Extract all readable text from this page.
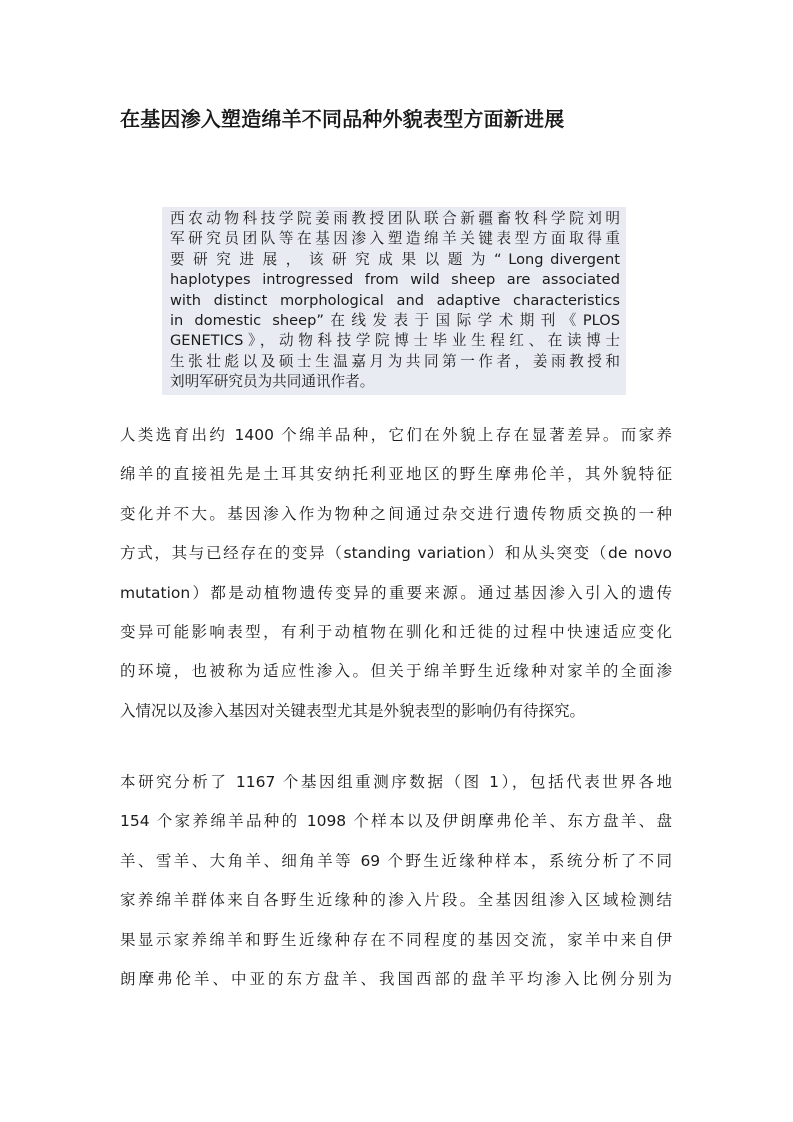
在基因渗入塑造绵羊不同品种外貌表型方面新进展
西农动物科技学院姜雨教授团队联合新疆畜牧科学院刘明
军研究员团队等在基因渗入塑造绵羊关键表型方面取得重
要 研 究 进 展 ， 该 研 究 成 果 以 题 为 “ Long divergent
haplotypes introgressed from wild sheep are associated
with distinct morphological and adaptive characteristics
in domestic sheep”在线发表于国际学术期刊《PLOS
GENETICS》，动物科技学院博士毕业生程红、在读博士
生张壮彪以及硕士生温嘉月为共同第一作者，姜雨教授和
刘明军研究员为共同通讯作者。
人类选育出约 1400 个绵羊品种，它们在外貌上存在显著差异。而家养
绵羊的直接祖先是土耳其安纳托利亚地区的野生摩弗伦羊，其外貌特征
变化并不大。基因渗入作为物种之间通过杂交进行遗传物质交换的一种
方式，其与已经存在的变异（standing variation）和从头突变（de novo
mutation）都是动植物遗传变异的重要来源。通过基因渗入引入的遗传
变异可能影响表型，有利于动植物在驯化和迁徙的过程中快速适应变化
的环境，也被称为适应性渗入。但关于绵羊野生近缘种对家羊的全面渗
入情况以及渗入基因对关键表型尤其是外貌表型的影响仍有待探究。
本研究分析了 1167 个基因组重测序数据（图 1），包括代表世界各地
154 个家养绵羊品种的 1098 个样本以及伊朗摩弗伦羊、东方盘羊、盘
羊、雪羊、大角羊、细角羊等 69 个野生近缘种样本，系统分析了不同
家养绵羊群体来自各野生近缘种的渗入片段。全基因组渗入区域检测结
果显示家养绵羊和野生近缘种存在不同程度的基因交流，家羊中来自伊
朗摩弗伦羊、中亚的东方盘羊、我国西部的盘羊平均渗入比例分别为
